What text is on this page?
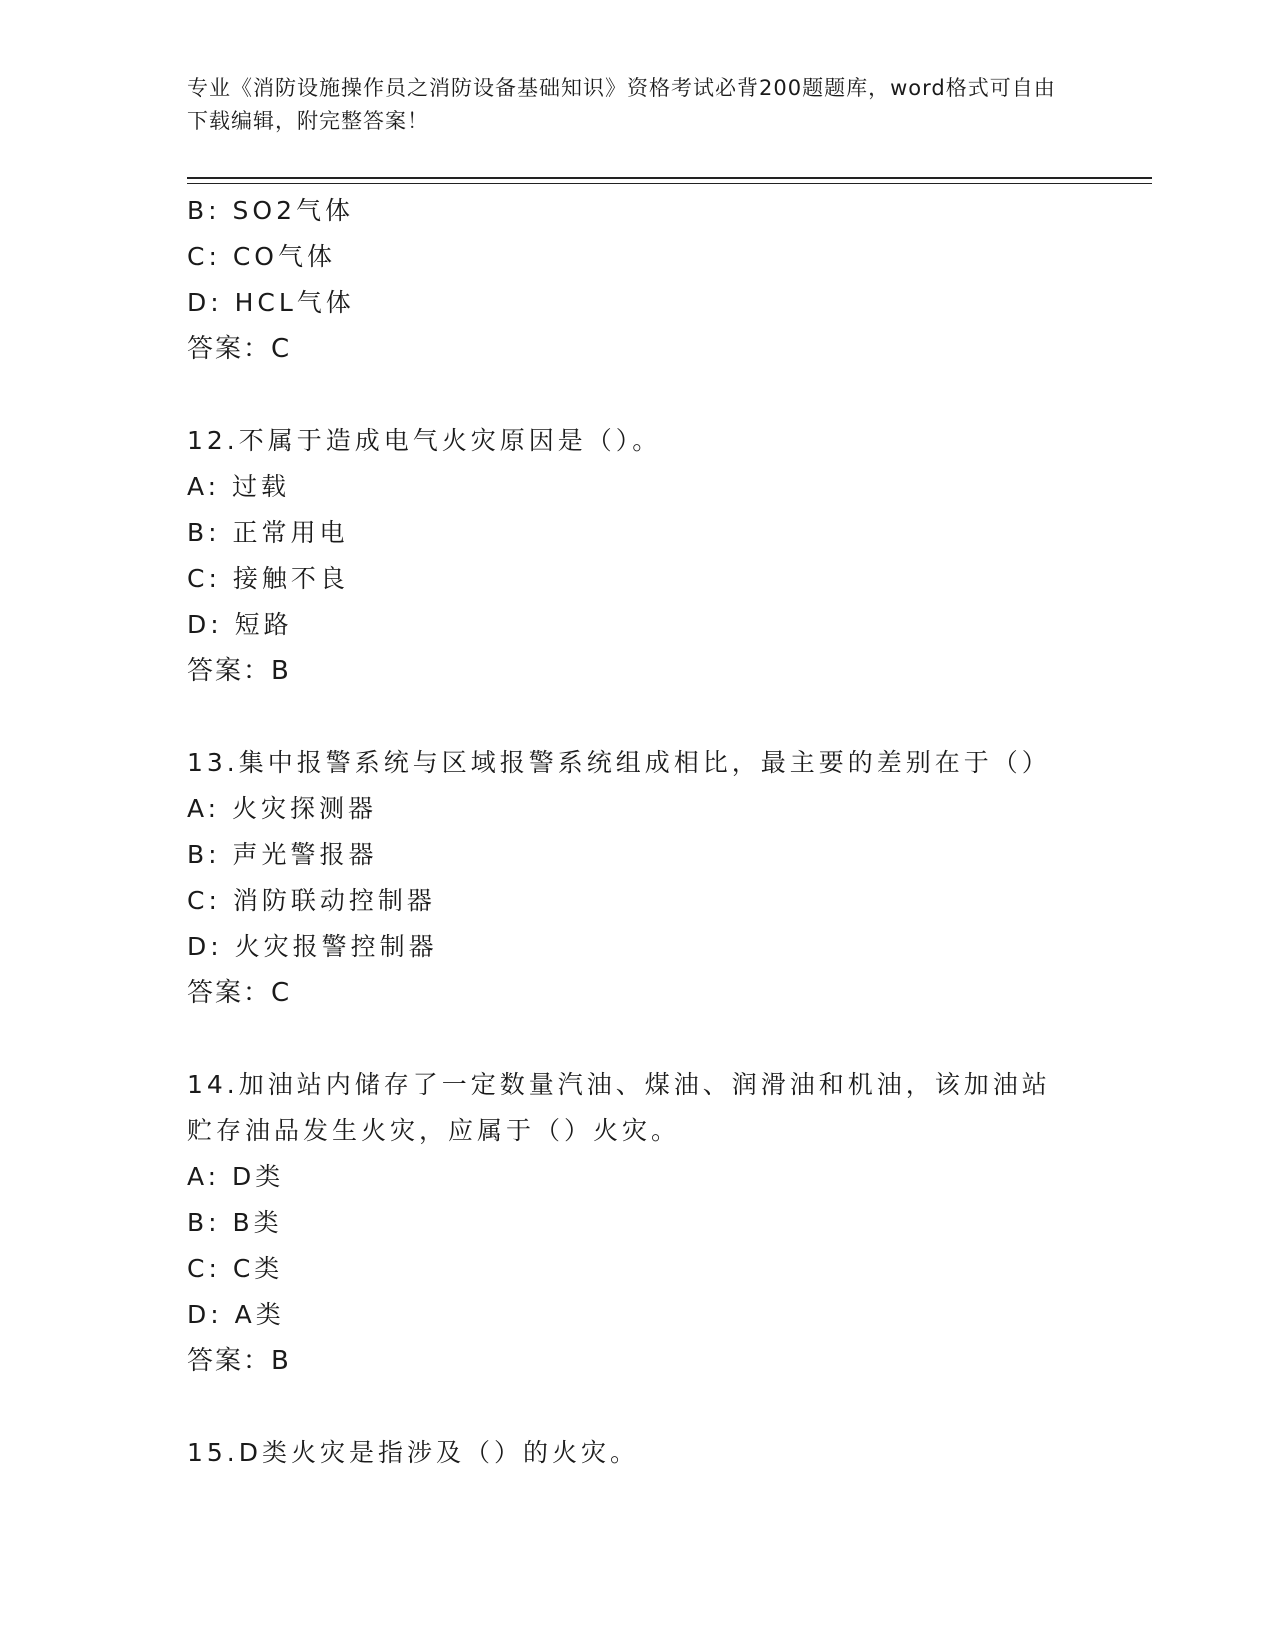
专业《消防设施操作员之消防设备基础知识》资格考试必背200题题库，word格式可自由下载编辑，附完整答案！
B: SO2气体
C: CO气体
D: HCL气体
答案：C
12.不属于造成电气火灾原因是（）。
A: 过载
B: 正常用电
C: 接触不良
D: 短路
答案：B
13.集中报警系统与区域报警系统组成相比，最主要的差别在于（）
A: 火灾探测器
B: 声光警报器
C: 消防联动控制器
D: 火灾报警控制器
答案：C
14.加油站内储存了一定数量汽油、煤油、润滑油和机油，该加油站贮存油品发生火灾，应属于（）火灾。
A: D类
B: B类
C: C类
D: A类
答案：B
15.D类火灾是指涉及（）的火灾。
